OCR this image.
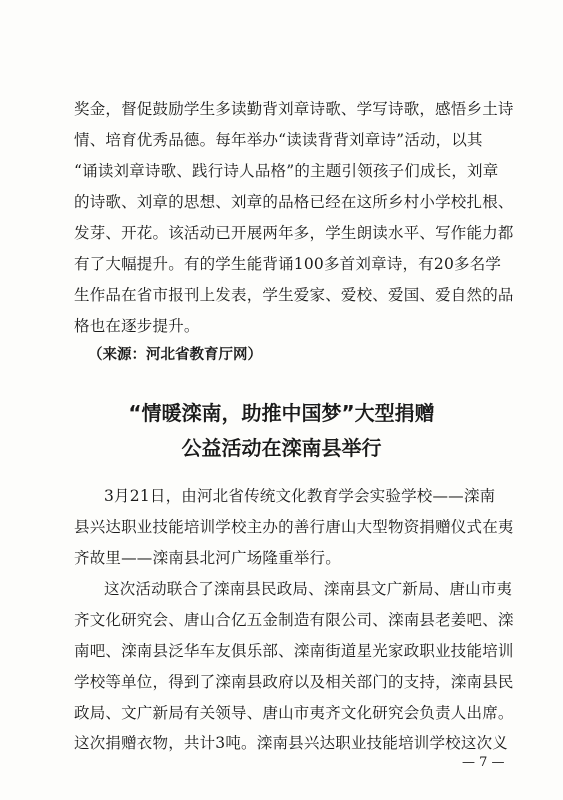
奖金，督促鼓励学生多读勤背刘章诗歌、学写诗歌，感悟乡土诗
情、培育优秀品德。每年举办“读读背背刘章诗”活动，以其
“诵读刘章诗歌、践行诗人品格”的主题引领孩子们成长，刘章
的诗歌、刘章的思想、刘章的品格已经在这所乡村小学校扎根、
发芽、开花。该活动已开展两年多，学生朗读水平、写作能力都
有了大幅提升。有的学生能背诵100多首刘章诗，有20多名学
生作品在省市报刊上发表，学生爱家、爱校、爱国、爱自然的品
格也在逐步提升。
（来源：河北省教育厅网）
“情暖滦南，助推中国梦”大型捐赠
公益活动在滦南县举行
3月21日，由河北省传统文化教育学会实验学校——滦南
县兴达职业技能培训学校主办的善行唐山大型物资捐赠仪式在夷
齐故里——滦南县北河广场隆重举行。
这次活动联合了滦南县民政局、滦南县文广新局、唐山市夷
齐文化研究会、唐山合亿五金制造有限公司、滦南县老姜吧、滦
南吧、滦南县泛华车友俱乐部、滦南街道星光家政职业技能培训
学校等单位，得到了滦南县政府以及相关部门的支持，滦南县民
政局、文广新局有关领导、唐山市夷齐文化研究会负责人出席。
这次捐赠衣物，共计3吨。滦南县兴达职业技能培训学校这次义
— 7 —
